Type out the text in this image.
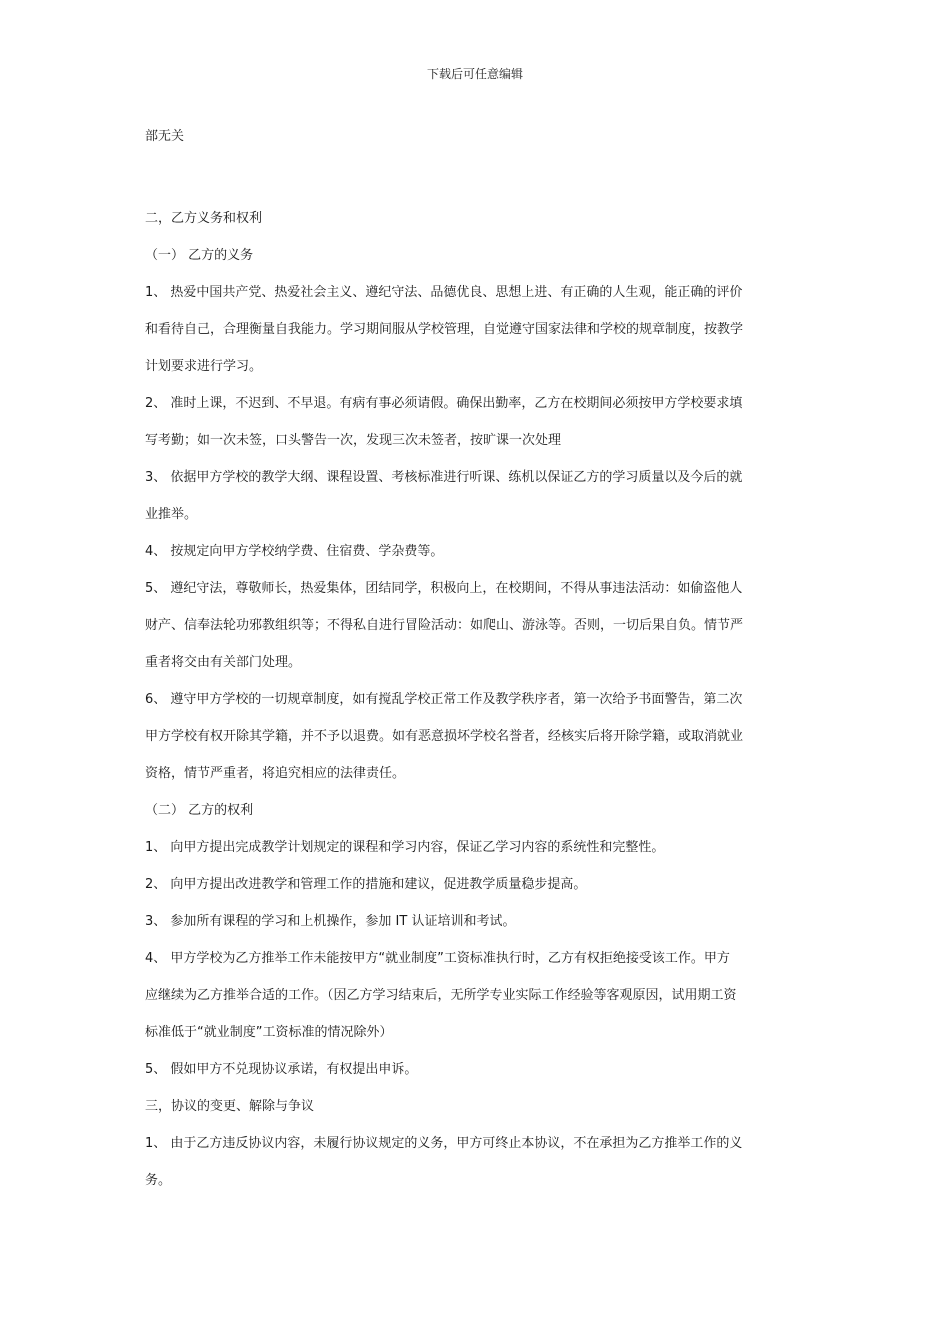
下载后可任意编辑
部无关
二，乙方义务和权利
（一） 乙方的义务
1、 热爱中国共产党、热爱社会主义、遵纪守法、品德优良、思想上进、有正确的人生观，能正确的评价
和看待自己，合理衡量自我能力。学习期间服从学校管理，自觉遵守国家法律和学校的规章制度，按教学
计划要求进行学习。
2、 准时上课，不迟到、不早退。有病有事必须请假。确保出勤率，乙方在校期间必须按甲方学校要求填
写考勤；如一次未签，口头警告一次，发现三次未签者，按旷课一次处理
3、 依据甲方学校的教学大纲、课程设置、考核标准进行听课、练机以保证乙方的学习质量以及今后的就
业推举。
4、 按规定向甲方学校纳学费、住宿费、学杂费等。
5、 遵纪守法，尊敬师长，热爱集体，团结同学，积极向上，在校期间，不得从事违法活动：如偷盗他人
财产、信奉法轮功邪教组织等；不得私自进行冒险活动：如爬山、游泳等。否则，一切后果自负。情节严
重者将交由有关部门处理。
6、 遵守甲方学校的一切规章制度，如有搅乱学校正常工作及教学秩序者，第一次给予书面警告，第二次
甲方学校有权开除其学籍，并不予以退费。如有恶意损坏学校名誉者，经核实后将开除学籍，或取消就业
资格，情节严重者，将追究相应的法律责任。
（二） 乙方的权利
1、 向甲方提出完成教学计划规定的课程和学习内容，保证乙学习内容的系统性和完整性。
2、 向甲方提出改进教学和管理工作的措施和建议，促进教学质量稳步提高。
3、 参加所有课程的学习和上机操作，参加 IT 认证培训和考试。
4、 甲方学校为乙方推举工作未能按甲方“就业制度”工资标准执行时，乙方有权拒绝接受该工作。甲方
应继续为乙方推举合适的工作。（因乙方学习结束后，无所学专业实际工作经验等客观原因，试用期工资
标准低于“就业制度”工资标准的情况除外）
5、 假如甲方不兑现协议承诺，有权提出申诉。
三，协议的变更、解除与争议
1、 由于乙方违反协议内容，未履行协议规定的义务，甲方可终止本协议，不在承担为乙方推举工作的义
务。
